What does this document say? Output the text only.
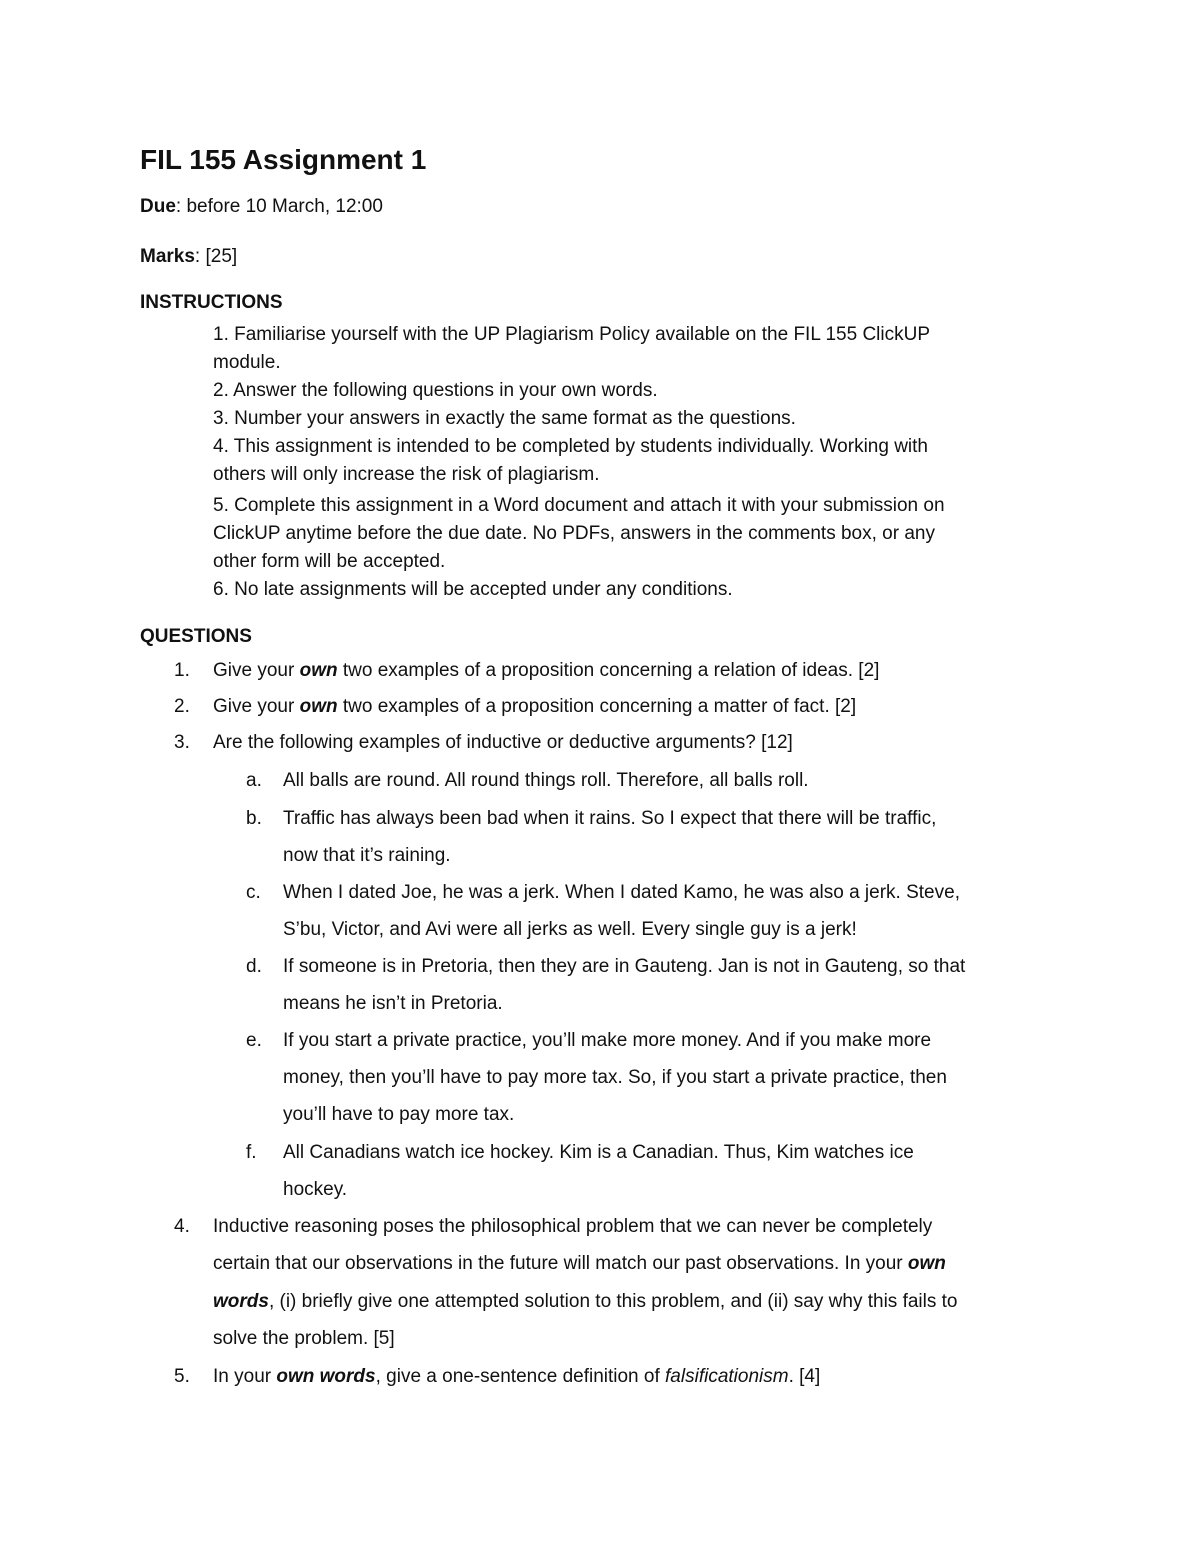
FIL 155 Assignment 1

Due: before 10 March, 12:00

Marks: [25]

INSTRUCTIONS

1. Familiarise yourself with the UP Plagiarism Policy available on the FIL 155 ClickUP

module.

2. Answer the following questions in your own words.

3. Number your answers in exactly the same format as the questions.

4. This assignment is intended to be completed by students individually. Working with

others will only increase the risk of plagiarism.

5. Complete this assignment in a Word document and attach it with your submission on

ClickUP anytime before the due date. No PDFs, answers in the comments box, or any

other form will be accepted.

6. No late assignments will be accepted under any conditions.

QUESTIONS

1.	Give your own two examples of a proposition concerning a relation of ideas. [2]

2.	Give your own two examples of a proposition concerning a matter of fact. [2]

3.	Are the following examples of inductive or deductive arguments? [12]

a.	All balls are round. All round things roll. Therefore, all balls roll.

b.	Traffic has always been bad when it rains. So I expect that there will be traffic,

now that it’s raining.

c.	When I dated Joe, he was a jerk. When I dated Kamo, he was also a jerk. Steve,

S’bu, Victor, and Avi were all jerks as well. Every single guy is a jerk!

d.	If someone is in Pretoria, then they are in Gauteng. Jan is not in Gauteng, so that

means he isn’t in Pretoria.

e.	If you start a private practice, you’ll make more money. And if you make more

money, then you’ll have to pay more tax. So, if you start a private practice, then

you’ll have to pay more tax.

f.	All Canadians watch ice hockey. Kim is a Canadian. Thus, Kim watches ice

hockey.

4.	Inductive reasoning poses the philosophical problem that we can never be completely

certain that our observations in the future will match our past observations. In your own

words, (i) briefly give one attempted solution to this problem, and (ii) say why this fails to

solve the problem. [5]

5.	In your own words, give a one-sentence definition of falsificationism. [4]
